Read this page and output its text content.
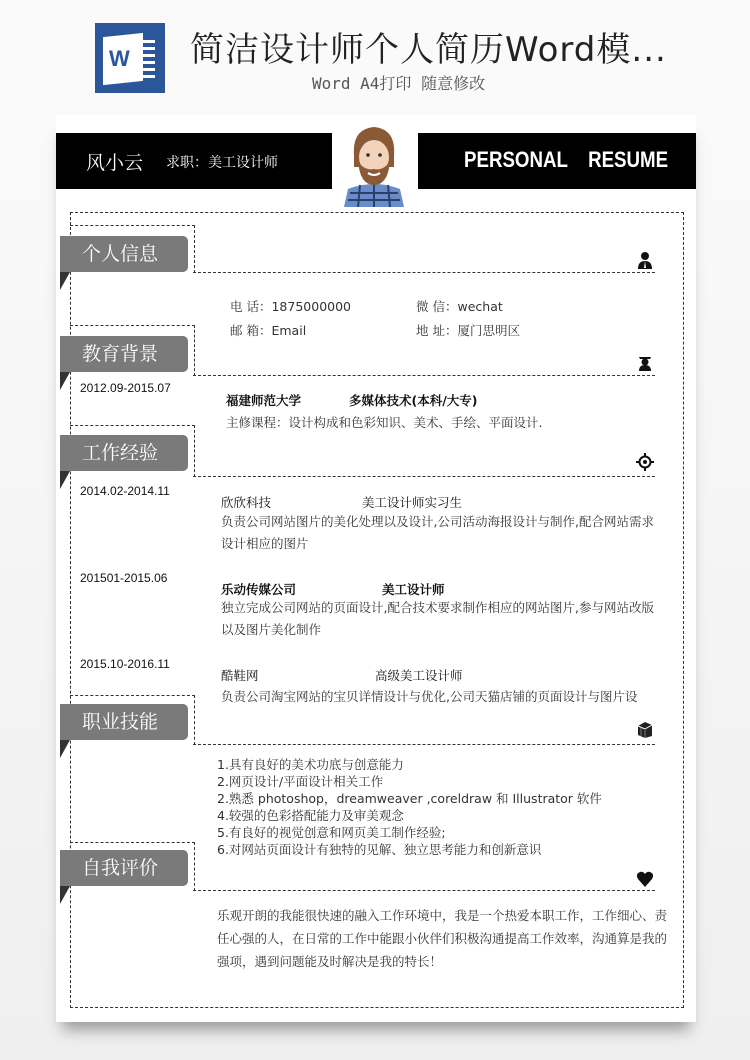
W 简洁设计师个人简历Word模...
Word A4打印 随意修改
风小云 求职：美工设计师	PERSONAL RESUME
个人信息
电 话：1875000000	微 信：wechat
邮 箱：Email	地 址：厦门思明区
教育背景
2012.09-2015.07
福建师范大学	多媒体技术(本科/大专)
主修课程：设计构成和色彩知识、美术、手绘、平面设计.
工作经验
2014.02-2014.11
欣欣科技	美工设计师实习生
负责公司网站图片的美化处理以及设计,公司活动海报设计与制作,配合网站需求设计相应的图片
201501-2015.06
乐动传媒公司	美工设计师
独立完成公司网站的页面设计,配合技术要求制作相应的网站图片,参与网站改版以及图片美化制作
2015.10-2016.11
酷鞋网	高级美工设计师
负责公司淘宝网站的宝贝详情设计与优化,公司天猫店铺的页面设计与图片设
职业技能
1.具有良好的美术功底与创意能力
2.网页设计/平面设计相关工作
2.熟悉 photoshop，dreamweaver ,coreldraw 和 Illustrator 软件
4.较强的色彩搭配能力及审美观念
5.有良好的视觉创意和网页美工制作经验;
6.对网站页面设计有独特的见解、独立思考能力和创新意识
自我评价
乐观开朗的我能很快速的融入工作环境中，我是一个热爱本职工作，工作细心、责任心强的人，在日常的工作中能跟小伙伴们积极沟通提高工作效率，沟通算是我的强项，遇到问题能及时解决是我的特长！
